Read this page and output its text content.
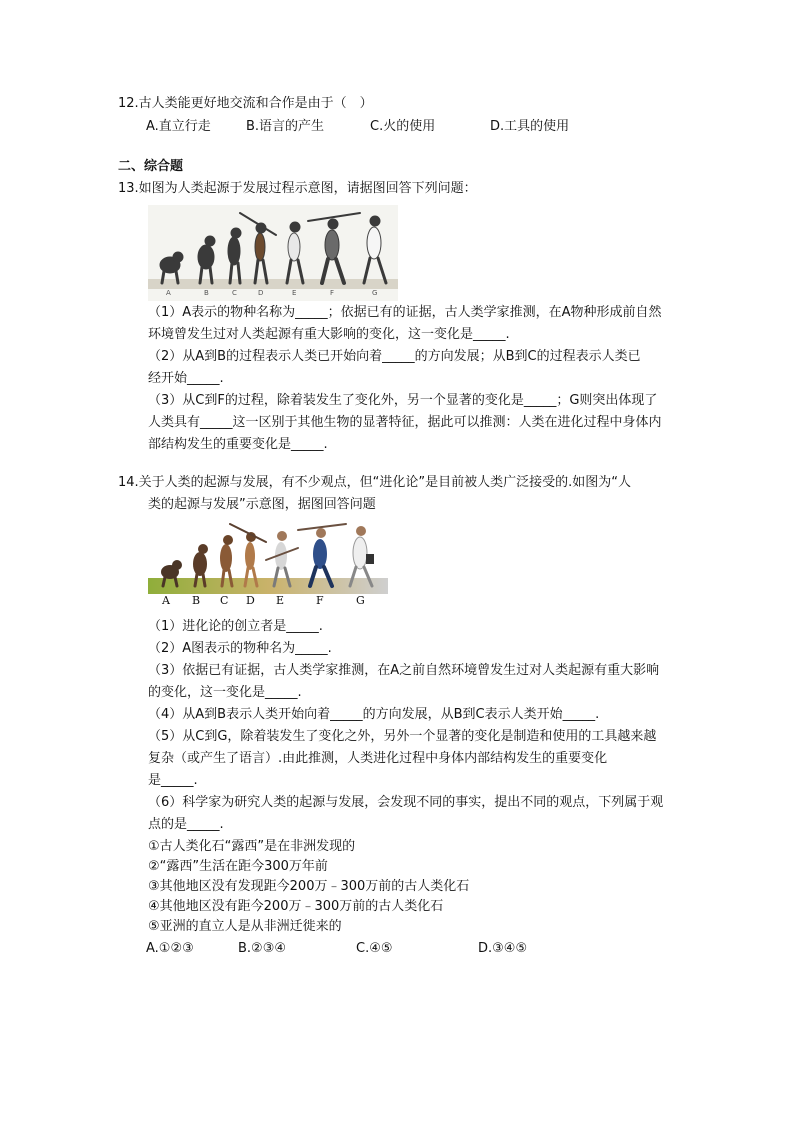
12.古人类能更好地交流和合作是由于（　）
A.直立行走	B.语言的产生	C.火的使用	D.工具的使用
二、综合题
13.如图为人类起源于发展过程示意图，请据图回答下列问题：
A	B	C	D	E	F	G
（1）A表示的物种名称为_____；依据已有的证据，古人类学家推测，在A物种形成前自然
环境曾发生过对人类起源有重大影响的变化，这一变化是_____.
（2）从A到B的过程表示人类已开始向着_____的方向发展；从B到C的过程表示人类已
经开始_____.
（3）从C到F的过程，除着装发生了变化外，另一个显著的变化是_____；G则突出体现了
人类具有_____这一区别于其他生物的显著特征，据此可以推测：人类在进化过程中身体内
部结构发生的重要变化是_____.
14.关于人类的起源与发展，有不少观点，但“进化论”是目前被人类广泛接受的.如图为“人
类的起源与发展”示意图，据图回答问题
A B C D E	F	G
（1）进化论的创立者是_____.
（2）A图表示的物种名为_____.
（3）依据已有证据，古人类学家推测，在A之前自然环境曾发生过对人类起源有重大影响
的变化，这一变化是_____.
（4）从A到B表示人类开始向着_____的方向发展，从B到C表示人类开始_____.
（5）从C到G，除着装发生了变化之外，另外一个显著的变化是制造和使用的工具越来越
复杂（或产生了语言）.由此推测，人类进化过程中身体内部结构发生的重要变化
是_____.
（6）科学家为研究人类的起源与发展，会发现不同的事实，提出不同的观点，下列属于观
点的是_____.
①古人类化石“露西”是在非洲发现的
②“露西”生活在距今300万年前
③其他地区没有发现距今200万﹣300万前的古人类化石
④其他地区没有距今200万﹣300万前的古人类化石
⑤亚洲的直立人是从非洲迁徙来的
A.①②③	B.②③④	C.④⑤	D.③④⑤
